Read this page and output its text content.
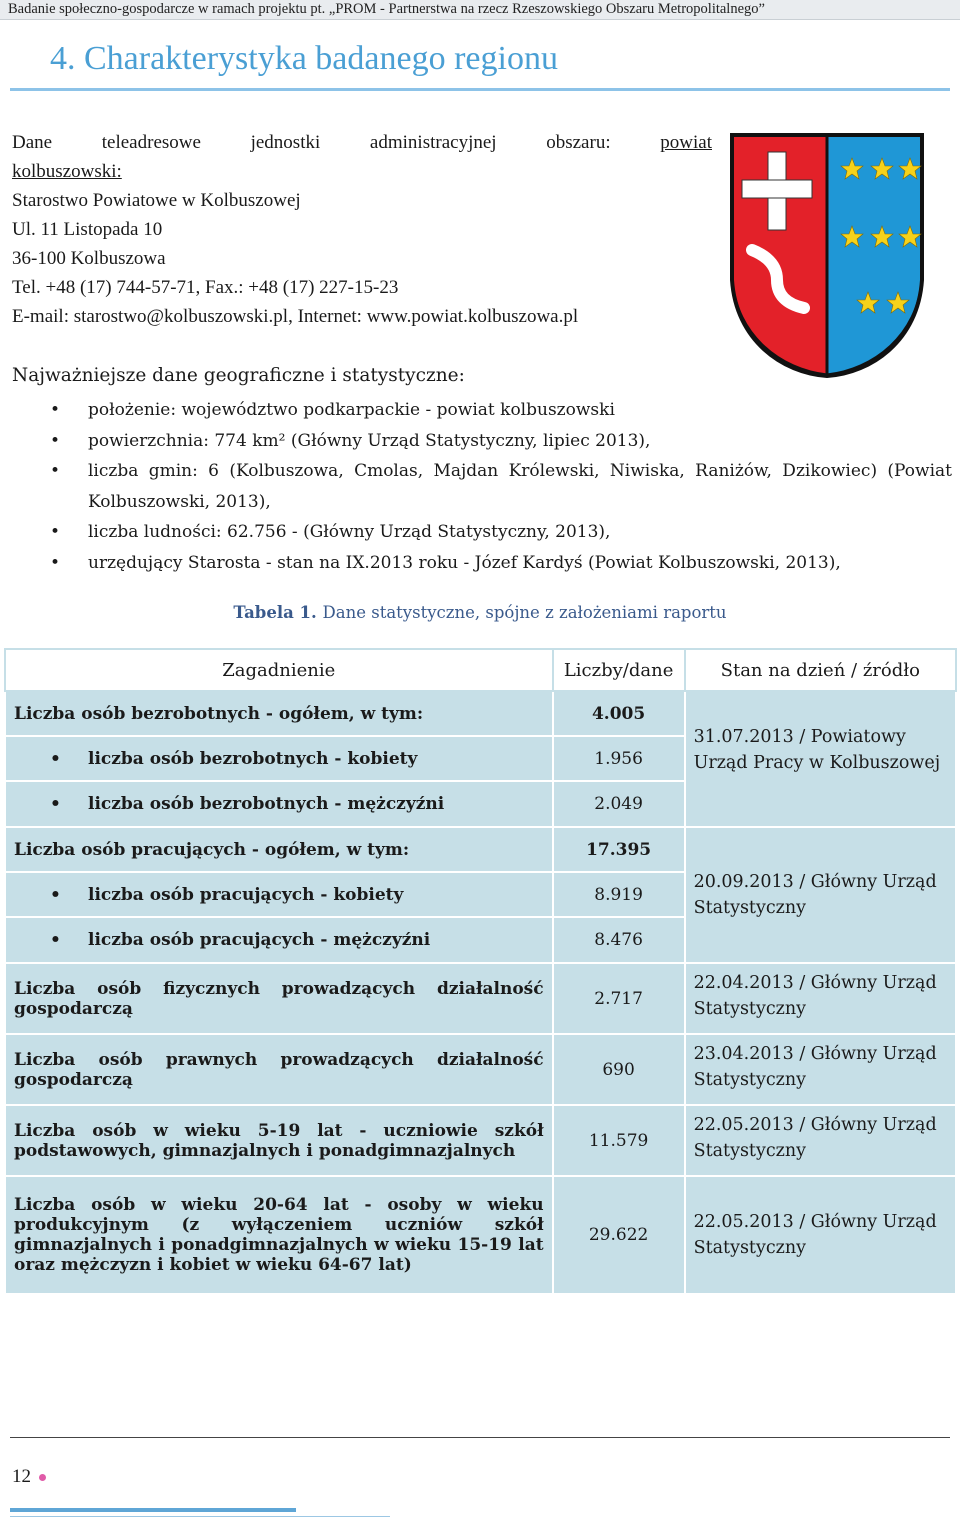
Badanie społeczno-gospodarcze w ramach projektu pt. „PROM - Partnerstwa na rzecz Rzeszowskiego Obszaru Metropolitalnego”
4. Charakterystyka badanego regionu
Dane teleadresowe jednostki administracyjnej obszaru:	powiat
kolbuszowski:
Starostwo Powiatowe w Kolbuszowej
Ul. 11 Listopada 10
36-100 Kolbuszowa
Tel. +48 (17) 744-57-71, Fax.: +48 (17) 227-15-23
E-mail: starostwo@kolbuszowski.pl, Internet: www.powiat.kolbuszowa.pl
Najważniejsze dane geograficzne i statystyczne:
• położenie: województwo podkarpackie - powiat kolbuszowski
• powierzchnia: 774 km² (Główny Urząd Statystyczny, lipiec 2013),
• liczba gmin: 6 (Kolbuszowa, Cmolas, Majdan Królewski, Niwiska, Raniżów, Dzikowiec) (Powiat Kolbuszowski, 2013),
• liczba ludności: 62.756 - (Główny Urząd Statystyczny, 2013),
• urzędujący Starosta - stan na IX.2013 roku - Józef Kardyś (Powiat Kolbuszowski, 2013),
Tabela 1. Dane statystyczne, spójne z założeniami raportu
Zagadnienie	Liczby/dane	Stan na dzień / źródło
Liczba osób bezrobotnych - ogółem, w tym:	4.005	31.07.2013 / Powiatowy Urząd Pracy w Kolbuszowej

• liczba osób bezrobotnych - kobiety	1.956	

• liczba osób bezrobotnych - mężczyźni	2.049	
Liczba osób pracujących - ogółem, w tym:	17.395	20.09.2013 / Główny Urząd Statystyczny

• liczba osób pracujących - kobiety	8.919	

• liczba osób pracujących - mężczyźni	8.476	
Liczba osób fizycznych prowadzących działalność gospodarczą	2.717	22.04.2013 / Główny Urząd Statystyczny
Liczba osób prawnych prowadzących działalność gospodarczą	690	23.04.2013 / Główny Urząd Statystyczny
Liczba osób w wieku 5-19 lat - uczniowie szkół podstawowych, gimnazjalnych i ponadgimnazjalnych	11.579	22.05.2013 / Główny Urząd Statystyczny
Liczba osób w wieku 20-64 lat - osoby w wieku produkcyjnym (z wyłączeniem uczniów szkół gimnazjalnych i ponadgimnazjalnych w wieku 15-19 lat oraz mężczyzn i kobiet w wieku 64-67 lat)	29.622	22.05.2013 / Główny Urząd Statystyczny
12
